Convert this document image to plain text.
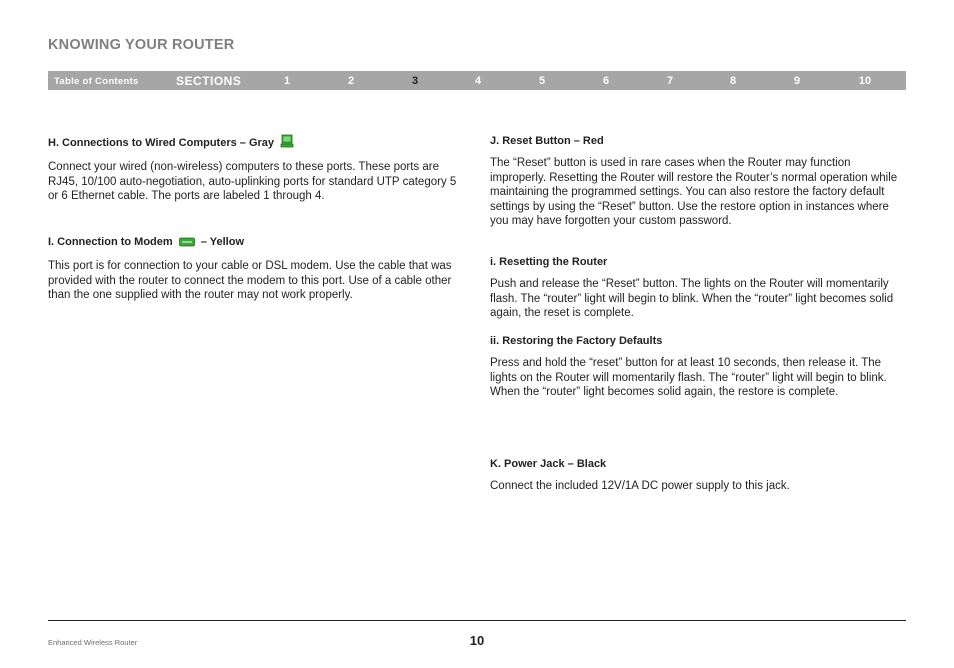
KNOWING YOUR ROUTER
Table of Contents	SECTIONS	1	2	3	4	5	6	7	8	9	10
H. Connections to Wired Computers – Gray

Connect your wired (non-wireless) computers to these ports. These ports are RJ45, 10/100 auto-negotiation, auto-uplinking ports for standard UTP category 5 or 6 Ethernet cable. The ports are labeled 1 through 4.

I. Connection to Modem	– Yellow

This port is for connection to your cable or DSL modem. Use the cable that was provided with the router to connect the modem to this port. Use of a cable other than the one supplied with the router may not work properly.

J. Reset Button – Red

The “Reset” button is used in rare cases when the Router may function improperly. Resetting the Router will restore the Router’s normal operation while maintaining the programmed settings. You can also restore the factory default settings by using the “Reset” button. Use the restore option in instances where you may have forgotten your custom password.

i. Resetting the Router

Push and release the “Reset” button. The lights on the Router will momentarily flash. The “router” light will begin to blink. When the “router” light becomes solid again, the reset is complete.

ii. Restoring the Factory Defaults

Press and hold the “reset” button for at least 10 seconds, then release it. The lights on the Router will momentarily flash. The “router” light will begin to blink. When the “router” light becomes solid again, the restore is complete.

K. Power Jack – Black

Connect the included 12V/1A DC power supply to this jack.

Enhanced Wireless Router	10
